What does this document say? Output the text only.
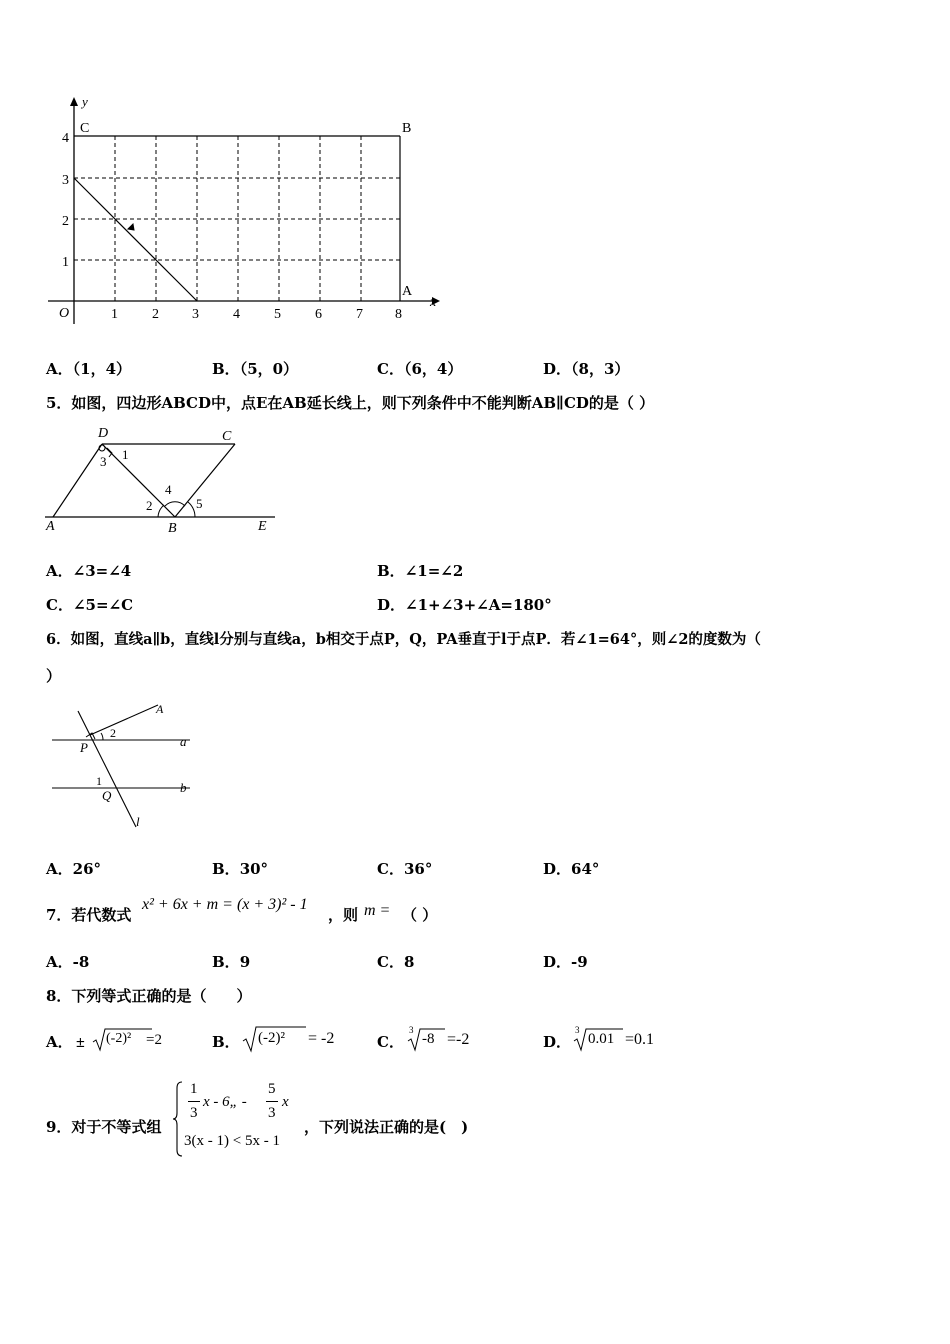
y
x
O
4
3
2
1
1 2 3 4 5 6 7 8
C	B
A
A．（1，4）	B．（5，0）	C．（6，4）	D．（8，3）
5．如图，四边形ABCD中，点E在AB延长线上，则下列条件中不能判断AB∥CD的是（ ）
D	C
1
3
4
2	5
A	B	E
A．∠3=∠4	B．∠1=∠2
C．∠5=∠C	D．∠1+∠3+∠A=180°
6．如图，直线a∥b，直线l分别与直线a，b相交于点P，Q，PA垂直于l于点P．若∠1=64°，则∠2的度数为（
）
A
2
a
P
1	b
Q
l
A．26°	B．30°	C．36°	D．64°
7．若代数式
x² + 6x + m = (x + 3)² - 1
，则 m = （ ）
A．-8	B．9	C．8	D．-9
8．下列等式正确的是（　　）
A． ± (-2)² =2	B． (-2)² = -2	C．
3
-8 =-2	D．
3
0.01 =0.1
9．对于不等式组
1
3
x - 6„ -
5
3
x
3(x - 1) < 5x - 1
，下列说法正确的是(　)
